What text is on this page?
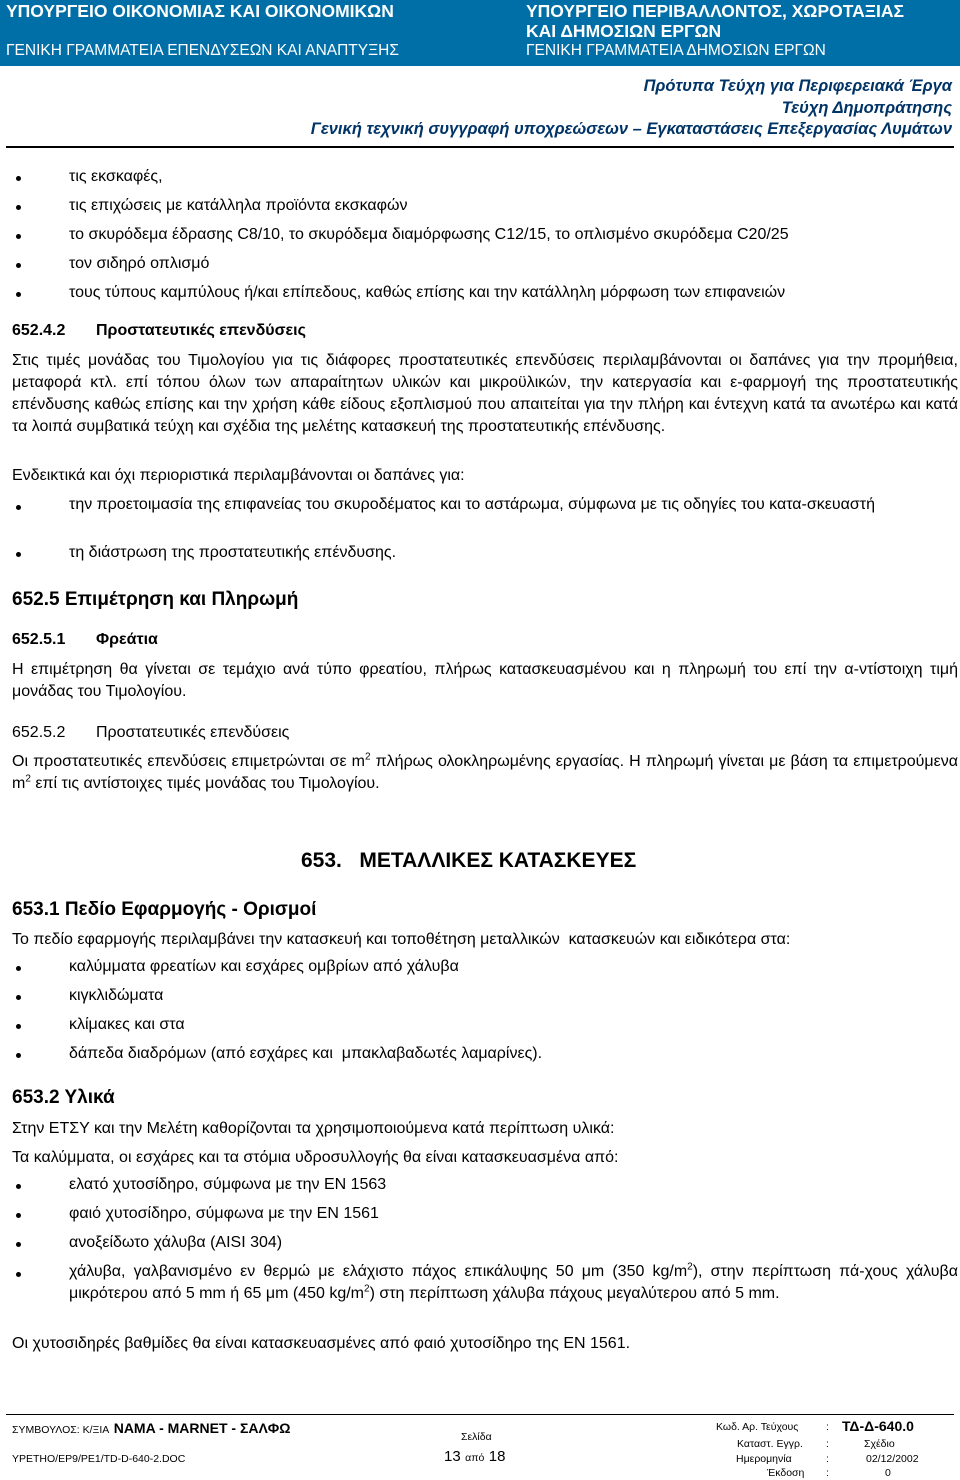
ΥΠΟΥΡΓΕΙΟ ΟΙΚΟΝΟΜΙΑΣ ΚΑΙ ΟΙΚΟΝΟΜΙΚΩΝ
ΓΕΝΙΚΗ ΓΡΑΜΜΑΤΕΙΑ ΕΠΕΝΔΥΣΕΩΝ ΚΑΙ ΑΝΑΠΤΥΞΗΣ
ΥΠΟΥΡΓΕΙΟ ΠΕΡΙΒΑΛΛΟΝΤΟΣ, ΧΩΡΟΤΑΞΙΑΣ
ΚΑΙ ΔΗΜΟΣΙΩΝ ΕΡΓΩΝ
ΓΕΝΙΚΗ ΓΡΑΜΜΑΤΕΙΑ ΔΗΜΟΣΙΩΝ ΕΡΓΩΝ
Πρότυπα Τεύχη για Περιφερειακά Έργα
Τεύχη Δημοπράτησης
Γενική τεχνική συγγραφή υποχρεώσεων – Εγκαταστάσεις Επεξεργασίας Λυμάτων
τις εκσκαφές,
τις επιχώσεις με κατάλληλα προϊόντα εκσκαφών
το σκυρόδεμα έδρασης C8/10, το σκυρόδεμα διαμόρφωσης C12/15, το οπλισμένο σκυρόδεμα C20/25
τον σιδηρό οπλισμό
τους τύπους καμπύλους ή/και επίπεδους, καθώς επίσης και την κατάλληλη μόρφωση των επιφανειών
652.4.2 Προστατευτικές επενδύσεις
Στις τιμές μονάδας του Τιμολογίου για τις διάφορες προστατευτικές επενδύσεις περιλαμβάνονται οι δαπάνες για την προμήθεια, μεταφορά κτλ. επί τόπου όλων των απαραίτητων υλικών και μικροϋλικών, την κατεργασία και ε-φαρμογή της προστατευτικής επένδυσης καθώς επίσης και την χρήση κάθε είδους εξοπλισμού που απαιτείται για την πλήρη και έντεχνη κατά τα ανωτέρω και κατά τα λοιπά συμβατικά τεύχη και σχέδια της μελέτης κατασκευή της προστατευτικής επένδυσης.
Ενδεικτικά και όχι περιοριστικά περιλαμβάνονται οι δαπάνες για:
την προετοιμασία της επιφανείας του σκυροδέματος και το αστάρωμα, σύμφωνα με τις οδηγίες του κατα-σκευαστή
τη διάστρωση της προστατευτικής επένδυσης.
652.5 Επιμέτρηση και Πληρωμή
652.5.1 Φρεάτια
Η επιμέτρηση θα γίνεται σε τεμάχιο ανά τύπο φρεατίου, πλήρως κατασκευασμένου και η πληρωμή του επί την α-ντίστοιχη τιμή μονάδας του Τιμολογίου.
652.5.2 Προστατευτικές επενδύσεις
Οι προστατευτικές επενδύσεις επιμετρώνται σε $m^2$ πλήρως ολοκληρωμένης εργασίας. Η πληρωμή γίνεται με βάση τα επιμετρούμενα $m^2$ επί τις αντίστοιχες τιμές μονάδας του Τιμολογίου.
653.   ΜΕΤΑΛΛΙΚΕΣ ΚΑΤΑΣΚΕΥΕΣ
653.1 Πεδίο Εφαρμογής - Ορισμοί
Το πεδίο εφαρμογής περιλαμβάνει την κατασκευή και τοποθέτηση μεταλλικών  κατασκευών και ειδικότερα στα:
καλύμματα φρεατίων και εσχάρες ομβρίων από χάλυβα
κιγκλιδώματα
κλίμακες και στα
δάπεδα διαδρόμων (από εσχάρες και  μπακλαβαδωτές λαμαρίνες).
653.2 Υλικά
Στην ΕΤΣΥ και την Μελέτη καθορίζονται τα χρησιμοποιούμενα κατά περίπτωση υλικά:
Τα καλύμματα, οι εσχάρες και τα στόμια υδροσυλλογής θα είναι κατασκευασμένα από:
ελατό χυτοσίδηρο, σύμφωνα με την EN 1563
φαιό χυτοσίδηρο, σύμφωνα με την EN 1561
ανοξείδωτο χάλυβα (AISI 304)
χάλυβα, γαλβανισμένο εν θερμώ με ελάχιστο πάχος επικάλυψης 50 μm (350 $kg/m^2$), στην περίπτωση πά-χους χάλυβα μικρότερου από 5 mm ή 65 μm (450 $kg/m^2$) στη περίπτωση χάλυβα πάχους μεγαλύτερου από 5 mm.
Οι χυτοσιδηρές βαθμίδες θα είναι κατασκευασμένες από φαιό χυτοσίδηρο της EN 1561.
ΣΥΜΒΟΥΛΟΣ: Κ/ΞΙΑ NAMA - MARNET - ΣΑΛΦΩ
YPETHO/EP9/PE1/TD-D-640-2.DOC
Σελίδα
13 από 18
Κωδ. Αρ. Τεύχους
Καταστ. Εγγρ.
Ημερομηνία
Έκδοση
:
:
:
:
ΤΔ-Δ-640.0
Σχέδιο
02/12/2002
0
